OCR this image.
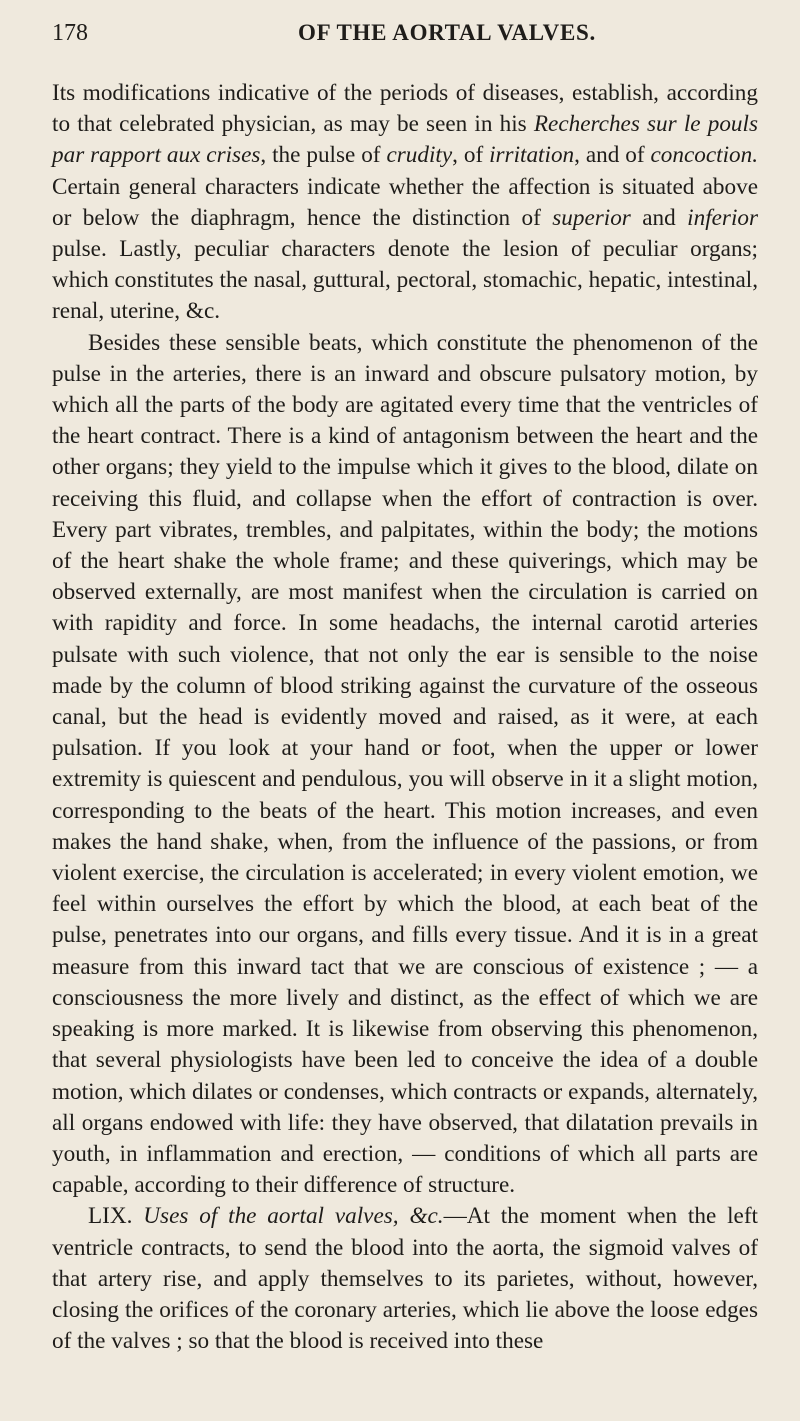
178	OF THE AORTAL VALVES.

Its modifications indicative of the periods of diseases, establish, according to that celebrated physician, as may be seen in his Recherches sur le pouls par rapport aux crises, the pulse of crudity, of irritation, and of concoction. Certain general characters indicate whether the affection is situated above or below the diaphragm, hence the distinction of superior and inferior pulse. Lastly, peculiar characters denote the lesion of peculiar organs; which constitutes the nasal, guttural, pectoral, stomachic, hepatic, intestinal, renal, uterine, &c.

Besides these sensible beats, which constitute the phenomenon of the pulse in the arteries, there is an inward and obscure pulsatory motion, by which all the parts of the body are agitated every time that the ventricles of the heart contract. There is a kind of antagonism between the heart and the other organs; they yield to the impulse which it gives to the blood, dilate on receiving this fluid, and collapse when the effort of contraction is over. Every part vibrates, trembles, and palpitates, within the body; the motions of the heart shake the whole frame; and these quiverings, which may be observed externally, are most manifest when the circulation is carried on with rapidity and force. In some headachs, the internal carotid arteries pulsate with such violence, that not only the ear is sensible to the noise made by the column of blood striking against the curvature of the osseous canal, but the head is evidently moved and raised, as it were, at each pulsation. If you look at your hand or foot, when the upper or lower extremity is quiescent and pendulous, you will observe in it a slight motion, corresponding to the beats of the heart. This motion increases, and even makes the hand shake, when, from the influence of the passions, or from violent exercise, the circulation is accelerated; in every violent emotion, we feel within ourselves the effort by which the blood, at each beat of the pulse, penetrates into our organs, and fills every tissue. And it is in a great measure from this inward tact that we are conscious of existence ; — a consciousness the more lively and distinct, as the effect of which we are speaking is more marked. It is likewise from observing this phenomenon, that several physiologists have been led to conceive the idea of a double motion, which dilates or condenses, which contracts or expands, alternately, all organs endowed with life: they have observed, that dilatation prevails in youth, in inflammation and erection, — conditions of which all parts are capable, according to their difference of structure.

LIX. Uses of the aortal valves, &c.—At the moment when the left ventricle contracts, to send the blood into the aorta, the sigmoid valves of that artery rise, and apply themselves to its parietes, without, however, closing the orifices of the coronary arteries, which lie above the loose edges of the valves ; so that the blood is received into these
